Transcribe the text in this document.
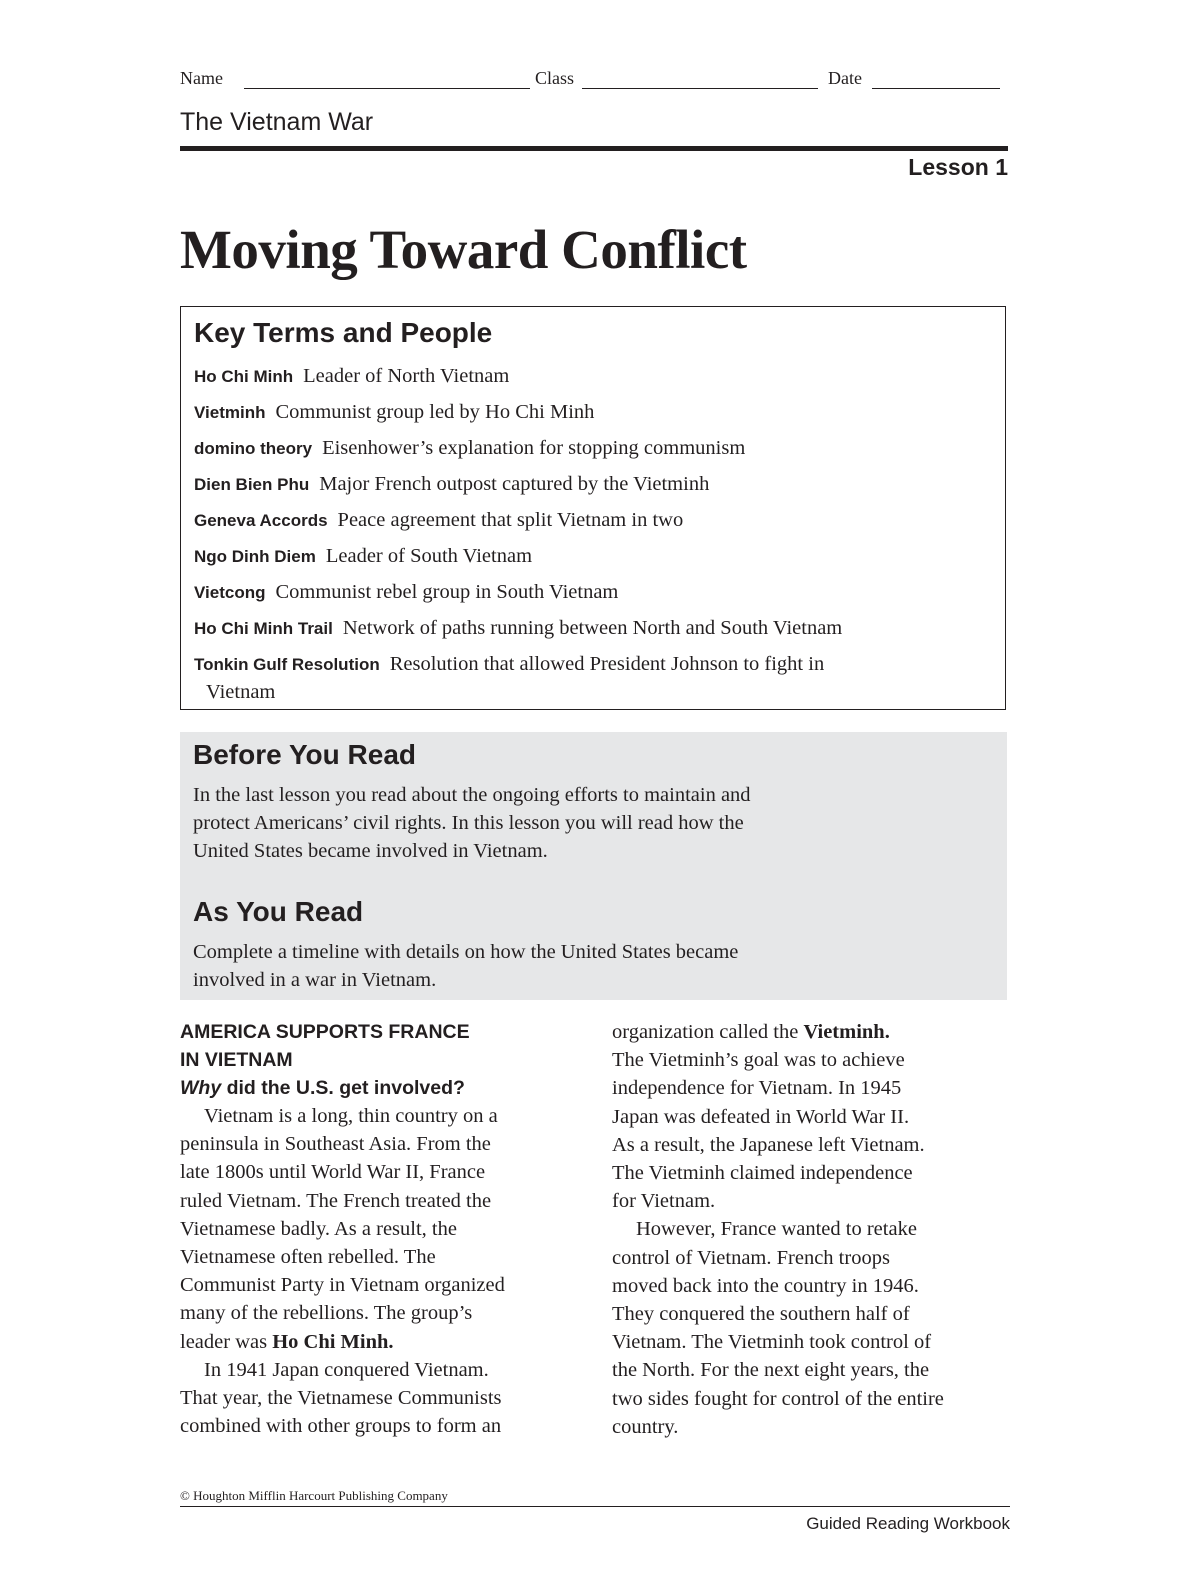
Name	Class	Date
The Vietnam War
Lesson 1
Moving Toward Conflict
Key Terms and People
Ho Chi Minh Leader of North Vietnam
Vietminh Communist group led by Ho Chi Minh
domino theory Eisenhower’s explanation for stopping communism
Dien Bien Phu Major French outpost captured by the Vietminh
Geneva Accords Peace agreement that split Vietnam in two
Ngo Dinh Diem Leader of South Vietnam
Vietcong Communist rebel group in South Vietnam
Ho Chi Minh Trail Network of paths running between North and South Vietnam
Tonkin Gulf Resolution Resolution that allowed President Johnson to fight in
Vietnam
Before You Read
In the last lesson you read about the ongoing efforts to maintain and
protect Americans’ civil rights. In this lesson you will read how the
United States became involved in Vietnam.
As You Read
Complete a timeline with details on how the United States became
involved in a war in Vietnam.
AMERICA SUPPORTS FRANCE
IN VIETNAM
Why did the U.S. get involved?
Vietnam is a long, thin country on a
peninsula in Southeast Asia. From the
late 1800s until World War II, France
ruled Vietnam. The French treated the
Vietnamese badly. As a result, the
Vietnamese often rebelled. The
Communist Party in Vietnam organized
many of the rebellions. The group’s
leader was Ho Chi Minh.
In 1941 Japan conquered Vietnam.
That year, the Vietnamese Communists
combined with other groups to form an
organization called the Vietminh.
The Vietminh’s goal was to achieve
independence for Vietnam. In 1945
Japan was defeated in World War II.
As a result, the Japanese left Vietnam.
The Vietminh claimed independence
for Vietnam.
However, France wanted to retake
control of Vietnam. French troops
moved back into the country in 1946.
They conquered the southern half of
Vietnam. The Vietminh took control of
the North. For the next eight years, the
two sides fought for control of the entire
country.
© Houghton Mifflin Harcourt Publishing Company
Guided Reading Workbook
